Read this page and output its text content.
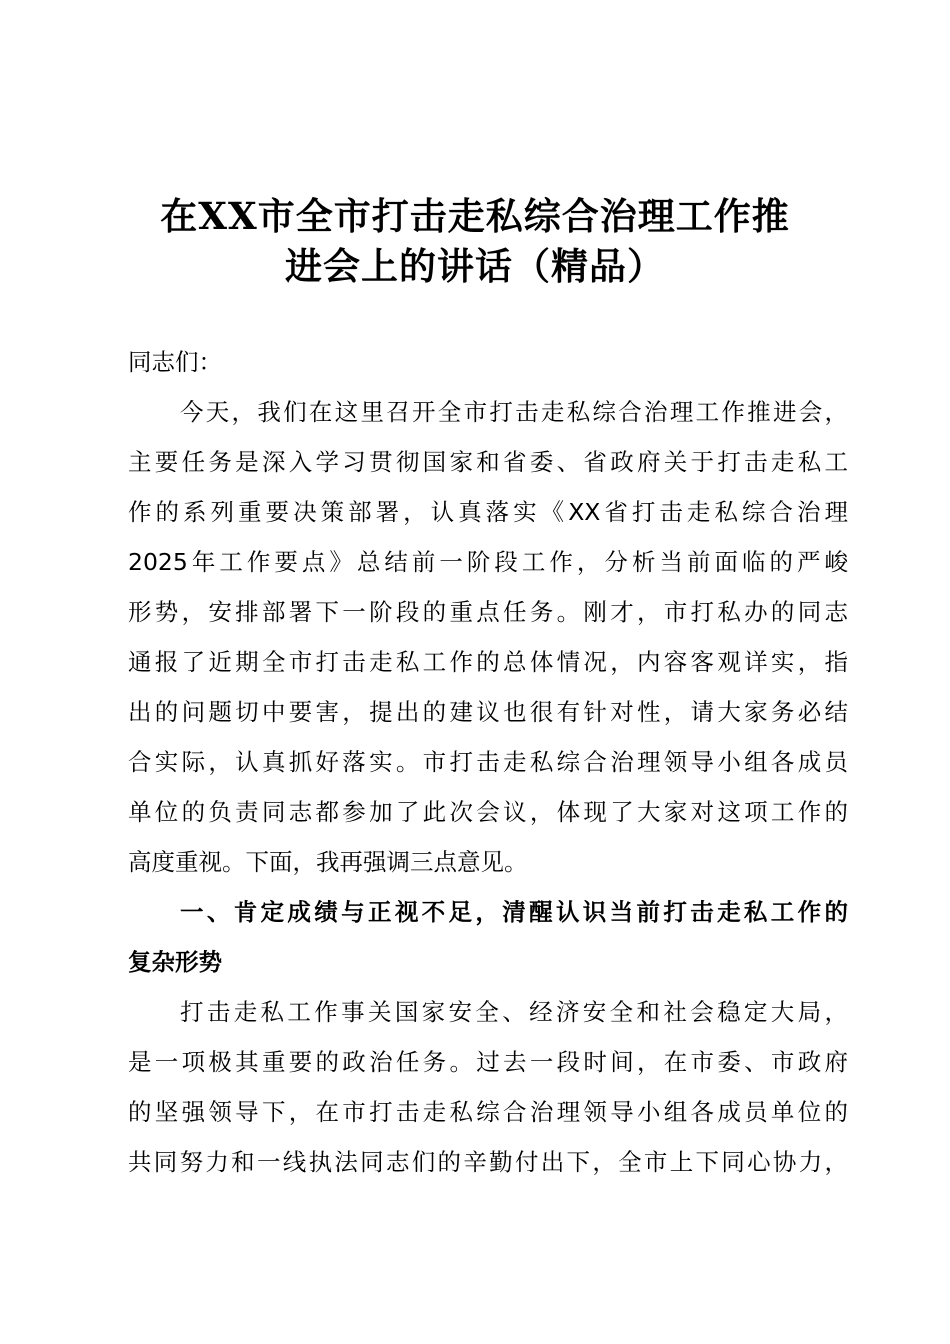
在XX市全市打击走私综合治理工作推
进会上的讲话（精品）

同志们：

今天，我们在这里召开全市打击走私综合治理工作推进会，

主要任务是深入学习贯彻国家和省委、省政府关于打击走私工

作的系列重要决策部署，认真落实《XX省打击走私综合治理

2025年工作要点》总结前一阶段工作，分析当前面临的严峻

形势，安排部署下一阶段的重点任务。刚才，市打私办的同志

通报了近期全市打击走私工作的总体情况，内容客观详实，指

出的问题切中要害，提出的建议也很有针对性，请大家务必结

合实际，认真抓好落实。市打击走私综合治理领导小组各成员

单位的负责同志都参加了此次会议，体现了大家对这项工作的

高度重视。下面，我再强调三点意见。

一、肯定成绩与正视不足，清醒认识当前打击走私工作的

复杂形势

打击走私工作事关国家安全、经济安全和社会稳定大局，

是一项极其重要的政治任务。过去一段时间，在市委、市政府

的坚强领导下，在市打击走私综合治理领导小组各成员单位的

共同努力和一线执法同志们的辛勤付出下，全市上下同心协力，
